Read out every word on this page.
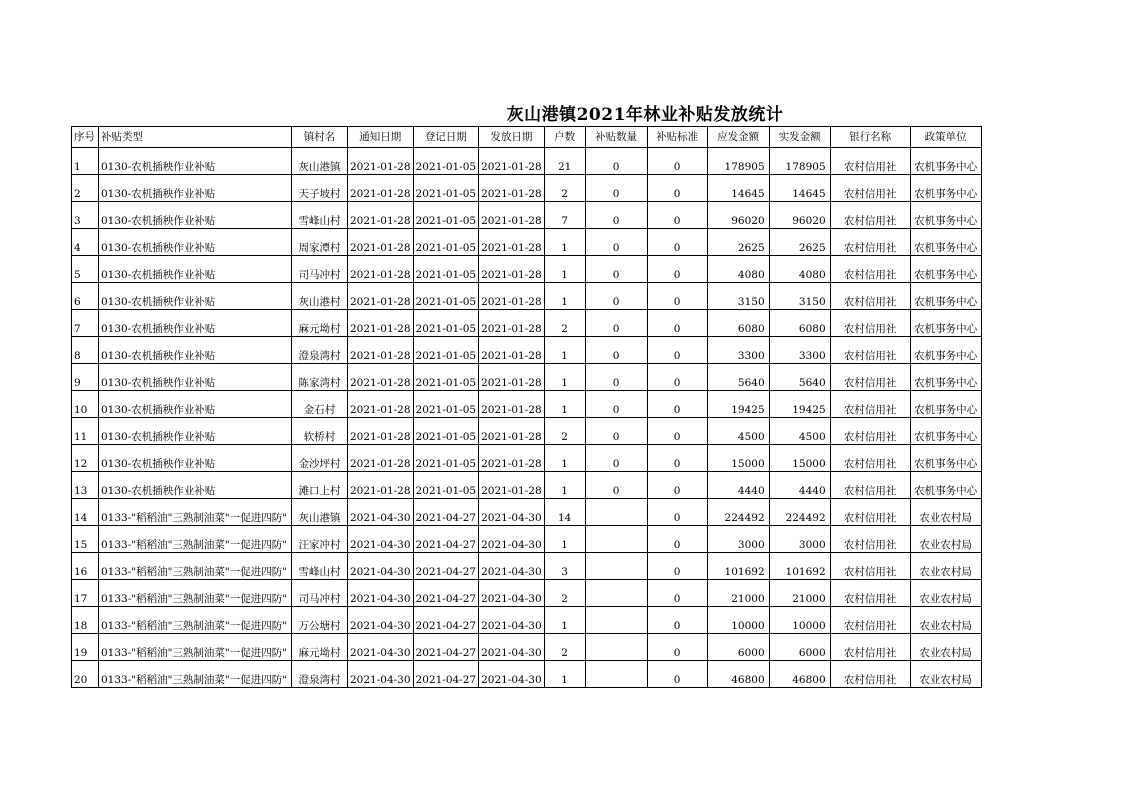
灰山港镇2021年林业补贴发放统计
序号	补贴类型	镇村名	通知日期	登记日期	发放日期	户数	补贴数量	补贴标准	应发金额	实发金额	银行名称	政策单位
1	0130-农机插秧作业补贴	灰山港镇	2021-01-28	2021-01-05	2021-01-28	21	0	0	178905	178905	农村信用社	农机事务中心
2	0130-农机插秧作业补贴	天子坡村	2021-01-28	2021-01-05	2021-01-28	2	0	0	14645	14645	农村信用社	农机事务中心
3	0130-农机插秧作业补贴	雪峰山村	2021-01-28	2021-01-05	2021-01-28	7	0	0	96020	96020	农村信用社	农机事务中心
4	0130-农机插秧作业补贴	周家潭村	2021-01-28	2021-01-05	2021-01-28	1	0	0	2625	2625	农村信用社	农机事务中心
5	0130-农机插秧作业补贴	司马冲村	2021-01-28	2021-01-05	2021-01-28	1	0	0	4080	4080	农村信用社	农机事务中心
6	0130-农机插秧作业补贴	灰山港村	2021-01-28	2021-01-05	2021-01-28	1	0	0	3150	3150	农村信用社	农机事务中心
7	0130-农机插秧作业补贴	麻元坳村	2021-01-28	2021-01-05	2021-01-28	2	0	0	6080	6080	农村信用社	农机事务中心
8	0130-农机插秧作业补贴	澄泉湾村	2021-01-28	2021-01-05	2021-01-28	1	0	0	3300	3300	农村信用社	农机事务中心
9	0130-农机插秧作业补贴	陈家湾村	2021-01-28	2021-01-05	2021-01-28	1	0	0	5640	5640	农村信用社	农机事务中心
10	0130-农机插秧作业补贴	金石村	2021-01-28	2021-01-05	2021-01-28	1	0	0	19425	19425	农村信用社	农机事务中心
11	0130-农机插秧作业补贴	软桥村	2021-01-28	2021-01-05	2021-01-28	2	0	0	4500	4500	农村信用社	农机事务中心
12	0130-农机插秧作业补贴	金沙坪村	2021-01-28	2021-01-05	2021-01-28	1	0	0	15000	15000	农村信用社	农机事务中心
13	0130-农机插秧作业补贴	滩口上村	2021-01-28	2021-01-05	2021-01-28	1	0	0	4440	4440	农村信用社	农机事务中心
14	0133-"稻稻油"三熟制油菜"一促进四防"	灰山港镇	2021-04-30	2021-04-27	2021-04-30	14		0	224492	224492	农村信用社	农业农村局
15	0133-"稻稻油"三熟制油菜"一促进四防"	汪家冲村	2021-04-30	2021-04-27	2021-04-30	1		0	3000	3000	农村信用社	农业农村局
16	0133-"稻稻油"三熟制油菜"一促进四防"	雪峰山村	2021-04-30	2021-04-27	2021-04-30	3		0	101692	101692	农村信用社	农业农村局
17	0133-"稻稻油"三熟制油菜"一促进四防"	司马冲村	2021-04-30	2021-04-27	2021-04-30	2		0	21000	21000	农村信用社	农业农村局
18	0133-"稻稻油"三熟制油菜"一促进四防"	万公塘村	2021-04-30	2021-04-27	2021-04-30	1		0	10000	10000	农村信用社	农业农村局
19	0133-"稻稻油"三熟制油菜"一促进四防"	麻元坳村	2021-04-30	2021-04-27	2021-04-30	2		0	6000	6000	农村信用社	农业农村局
20	0133-"稻稻油"三熟制油菜"一促进四防"	澄泉湾村	2021-04-30	2021-04-27	2021-04-30	1		0	46800	46800	农村信用社	农业农村局
